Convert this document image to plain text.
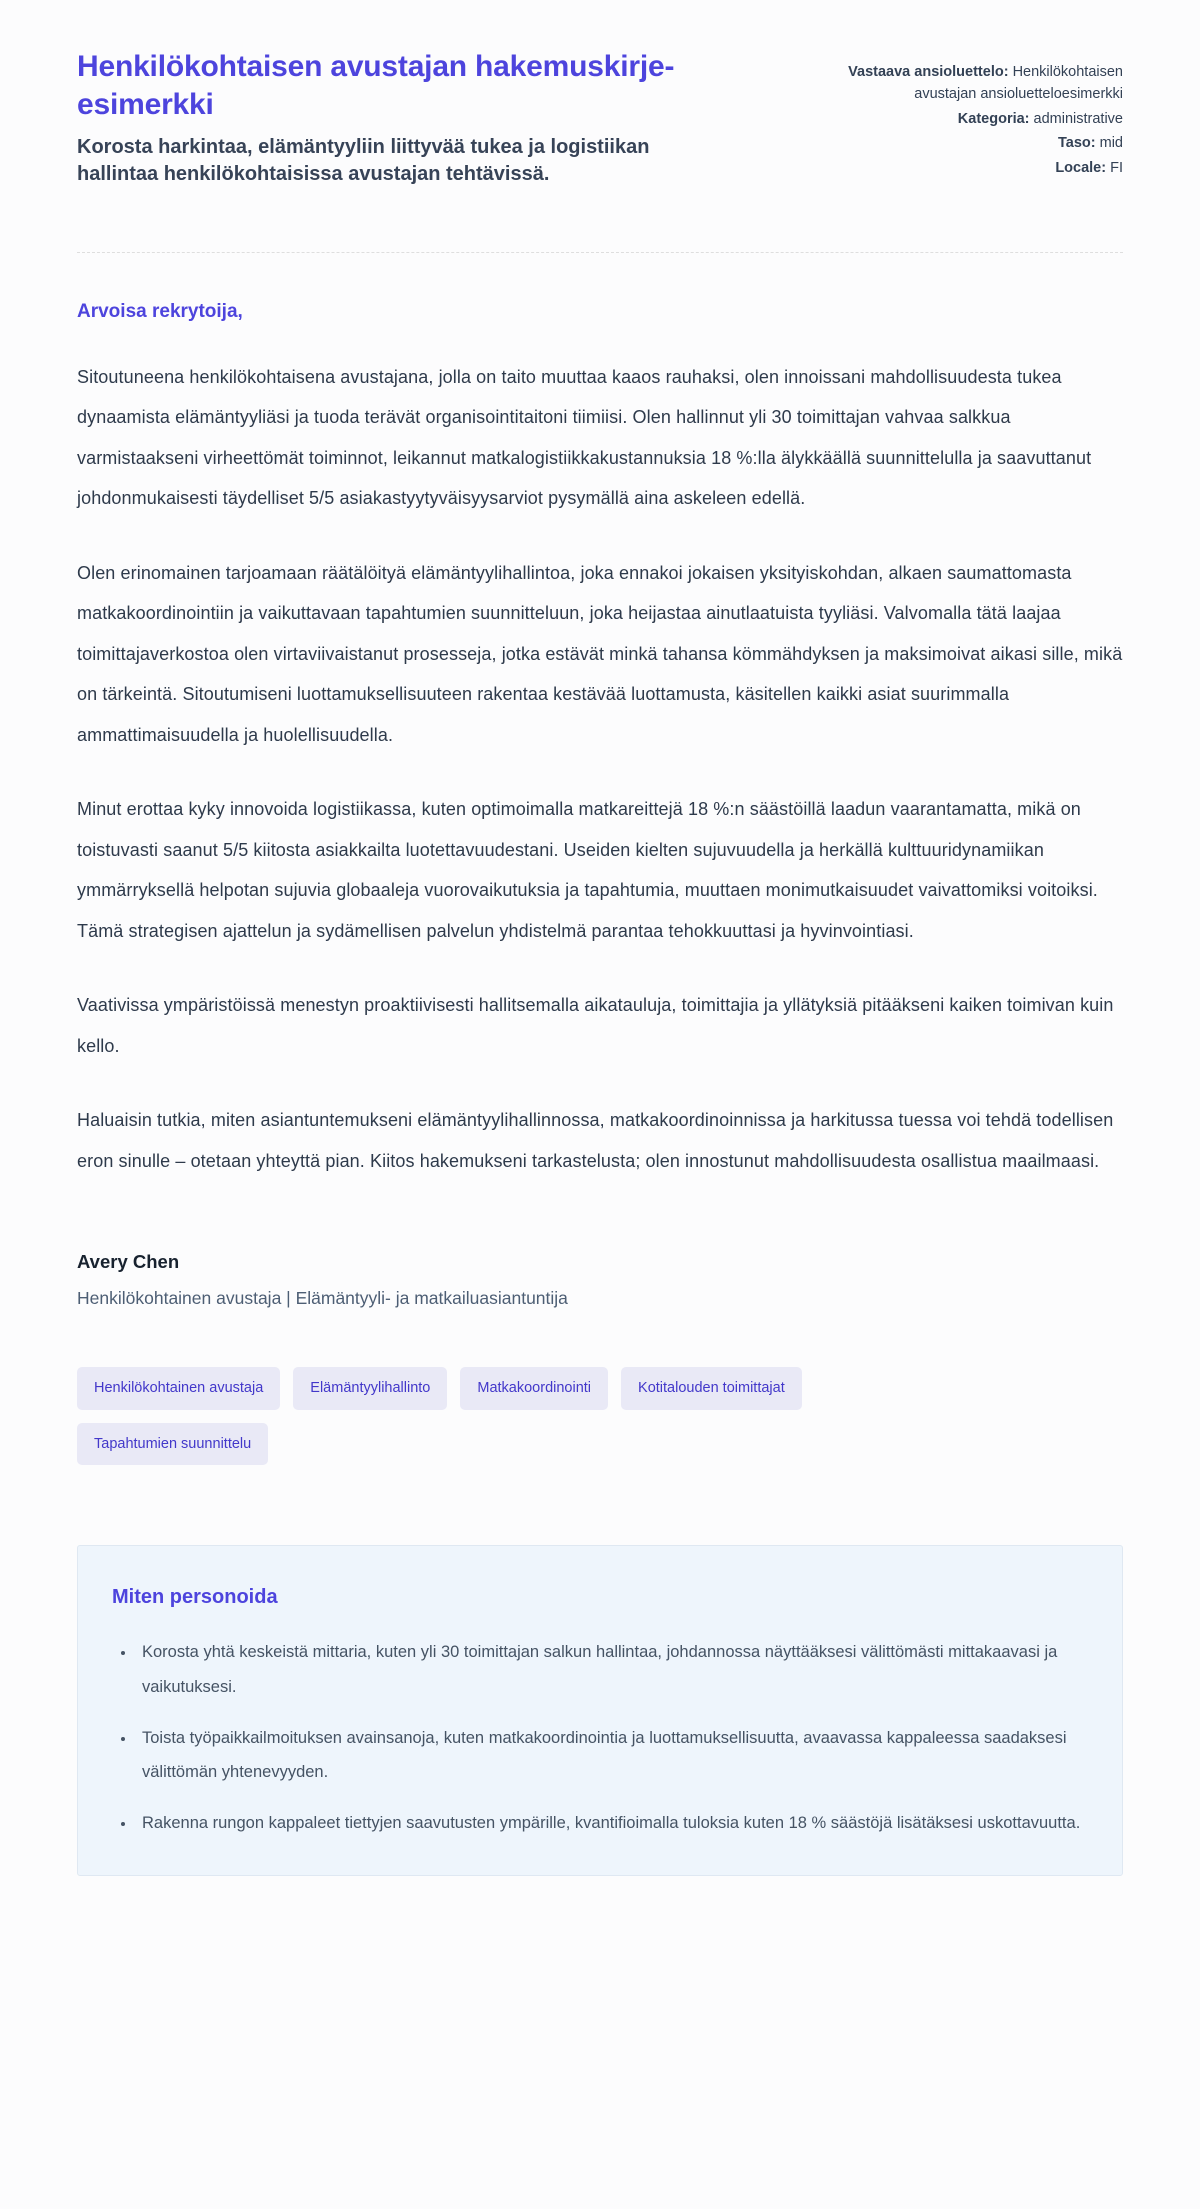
Henkilökohtaisen avustajan hakemuskirje-esimerkki

Korosta harkintaa, elämäntyyliin liittyvää tukea ja logistiikan hallintaa henkilökohtaisissa avustajan tehtävissä.

Vastaava ansioluettelo: Henkilökohtaisen avustajan ansioluetteloesimerkki
Kategoria: administrative
Taso: mid
Locale: FI

Arvoisa rekrytoija,

Sitoutuneena henkilökohtaisena avustajana, jolla on taito muuttaa kaaos rauhaksi, olen innoissani mahdollisuudesta tukea dynaamista elämäntyyliäsi ja tuoda terävät organisointitaitoni tiimiisi. Olen hallinnut yli 30 toimittajan vahvaa salkkua varmistaakseni virheettömät toiminnot, leikannut matkalogistiikkakustannuksia 18 %:lla älykkäällä suunnittelulla ja saavuttanut johdonmukaisesti täydelliset 5/5 asiakastyytyväisyysarviot pysymällä aina askeleen edellä.

Olen erinomainen tarjoamaan räätälöityä elämäntyylihallintoa, joka ennakoi jokaisen yksityiskohdan, alkaen saumattomasta matkakoordinointiin ja vaikuttavaan tapahtumien suunnitteluun, joka heijastaa ainutlaatuista tyyliäsi. Valvomalla tätä laajaa toimittajaverkostoa olen virtaviivaistanut prosesseja, jotka estävät minkä tahansa kömmähdyksen ja maksimoivat aikasi sille, mikä on tärkeintä. Sitoutumiseni luottamuksellisuuteen rakentaa kestävää luottamusta, käsitellen kaikki asiat suurimmalla ammattimaisuudella ja huolellisuudella.

Minut erottaa kyky innovoida logistiikassa, kuten optimoimalla matkareittejä 18 %:n säästöillä laadun vaarantamatta, mikä on toistuvasti saanut 5/5 kiitosta asiakkailta luotettavuudestani. Useiden kielten sujuvuudella ja herkällä kulttuuridynamiikan ymmärryksellä helpotan sujuvia globaaleja vuorovaikutuksia ja tapahtumia, muuttaen monimutkaisuudet vaivattomiksi voitoiksi. Tämä strategisen ajattelun ja sydämellisen palvelun yhdistelmä parantaa tehokkuuttasi ja hyvinvointiasi.

Vaativissa ympäristöissä menestyn proaktiivisesti hallitsemalla aikatauluja, toimittajia ja yllätyksiä pitääkseni kaiken toimivan kuin kello.

Haluaisin tutkia, miten asiantuntemukseni elämäntyylihallinnossa, matkakoordinoinnissa ja harkitussa tuessa voi tehdä todellisen eron sinulle – otetaan yhteyttä pian. Kiitos hakemukseni tarkastelusta; olen innostunut mahdollisuudesta osallistua maailmaasi.

Avery Chen

Henkilökohtainen avustaja | Elämäntyyli- ja matkailuasiantuntija

Henkilökohtainen avustaja	Elämäntyylihallinto	Matkakoordinointi	Kotitalouden toimittajat
Tapahtumien suunnittelu
Miten personoida
• Korosta yhtä keskeistä mittaria, kuten yli 30 toimittajan salkun hallintaa, johdannossa näyttääksesi välittömästi mittakaavasi ja vaikutuksesi.
• Toista työpaikkailmoituksen avainsanoja, kuten matkakoordinointia ja luottamuksellisuutta, avaavassa kappaleessa saadaksesi välittömän yhtenevyyden.
• Rakenna rungon kappaleet tiettyjen saavutusten ympärille, kvantifioimalla tuloksia kuten 18 % säästöjä lisätäksesi uskottavuutta.
